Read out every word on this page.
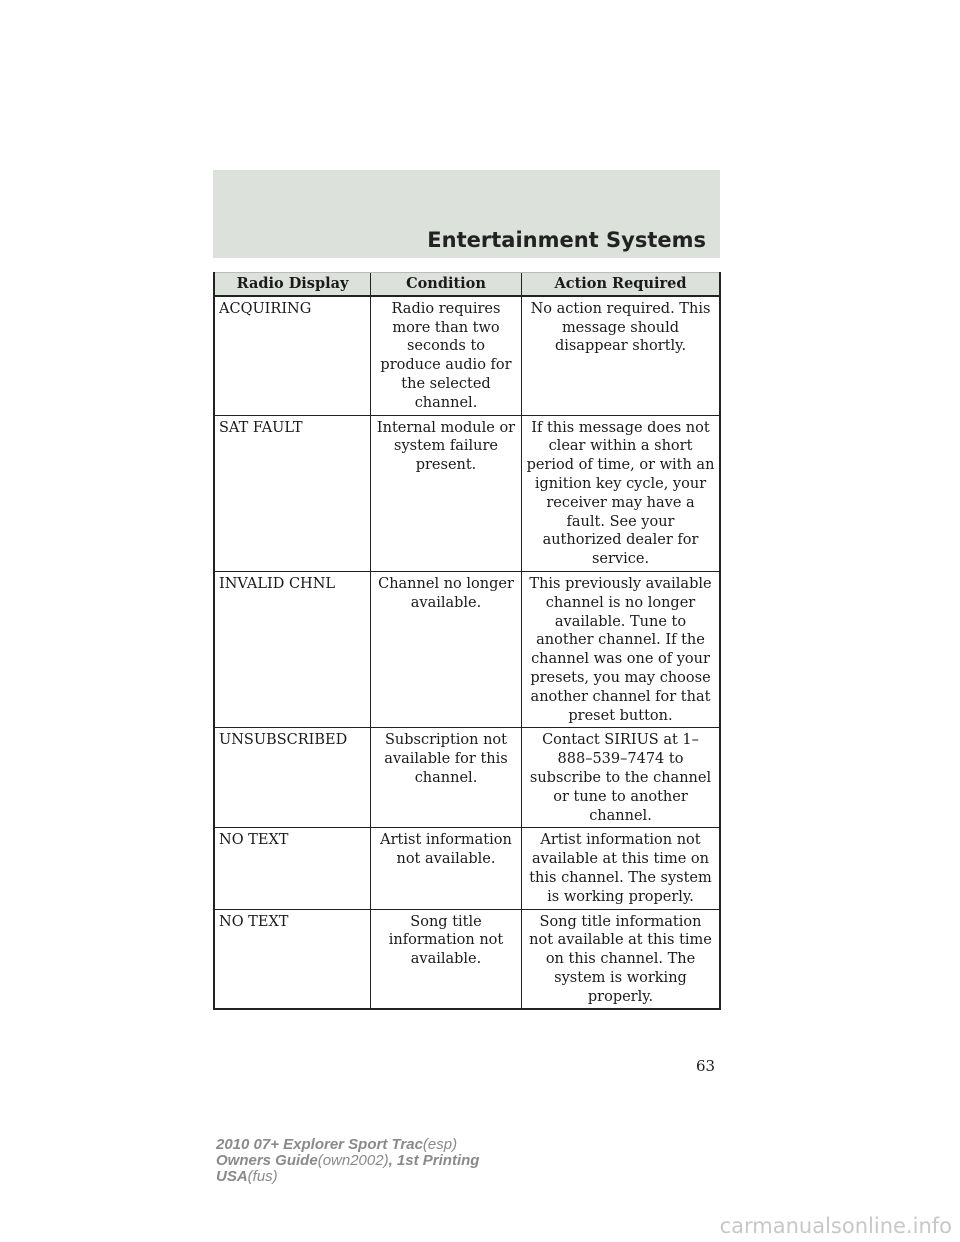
Entertainment Systems
Radio Display	Condition	Action Required
ACQUIRING	Radio requires more than two seconds to produce audio for the selected channel.	No action required. This message should disappear shortly.
SAT FAULT	Internal module or system failure present.	If this message does not clear within a short period of time, or with an ignition key cycle, your receiver may have a fault. See your authorized dealer for service.
INVALID CHNL	Channel no longer available.	This previously available channel is no longer available. Tune to another channel. If the channel was one of your presets, you may choose another channel for that preset button.
UNSUBSCRIBED	Subscription not available for this channel.	Contact SIRIUS at 1–888–539–7474 to subscribe to the channel or tune to another channel.
NO TEXT	Artist information not available.	Artist information not available at this time on this channel. The system is working properly.
NO TEXT	Song title information not available.	Song title information not available at this time on this channel. The system is working properly.
63
2010 07+ Explorer Sport Trac(esp)
Owners Guide(own2002), 1st Printing
USA(fus)
carmanualsonline.info
